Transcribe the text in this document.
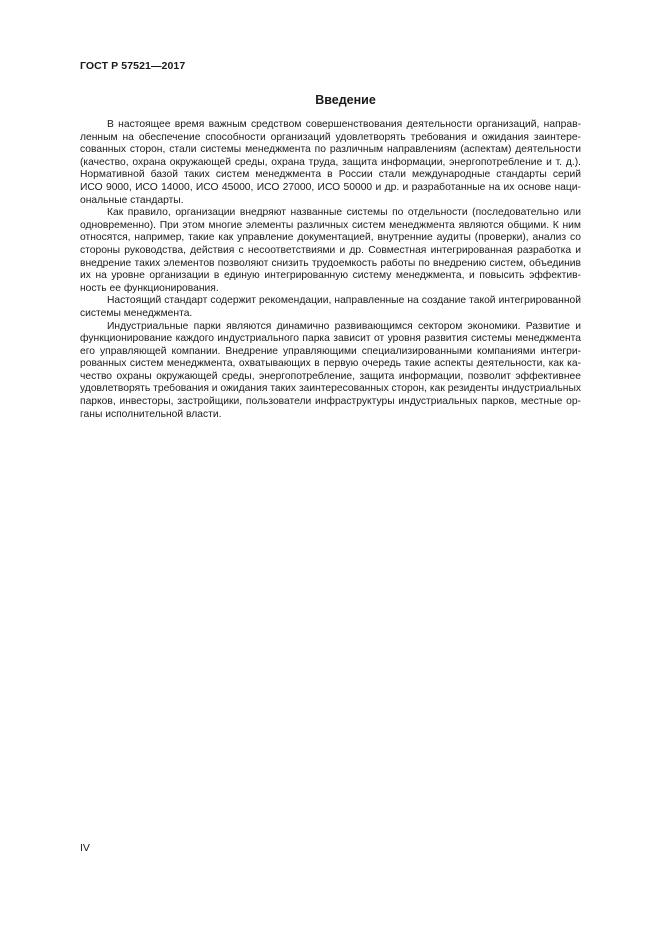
ГОСТ Р 57521—2017
Введение
В настоящее время важным средством совершенствования деятельности организаций, направ-
ленным на обеспечение способности организаций удовлетворять требования и ожидания заинтере-
сованных сторон, стали системы менеджмента по различным направлениям (аспектам) деятельности
(качество, охрана окружающей среды, охрана труда, защита информации, энергопотребление и т. д.).
Нормативной базой таких систем менеджмента в России стали международные стандарты серий
ИСО 9000, ИСО 14000, ИСО 45000, ИСО 27000, ИСО 50000 и др. и разработанные на их основе наци-
ональные стандарты.
Как правило, организации внедряют названные системы по отдельности (последовательно или
одновременно). При этом многие элементы различных систем менеджмента являются общими. К ним
относятся, например, такие как управление документацией, внутренние аудиты (проверки), анализ со
стороны руководства, действия с несоответствиями и др. Совместная интегрированная разработка и
внедрение таких элементов позволяют снизить трудоемкость работы по внедрению систем, объединив
их на уровне организации в единую интегрированную систему менеджмента, и повысить эффектив-
ность ее функционирования.
Настоящий стандарт содержит рекомендации, направленные на создание такой интегрированной
системы менеджмента.
Индустриальные парки являются динамично развивающимся сектором экономики. Развитие и
функционирование каждого индустриального парка зависит от уровня развития системы менеджмента
его управляющей компании. Внедрение управляющими специализированными компаниями интегри-
рованных систем менеджмента, охватывающих в первую очередь такие аспекты деятельности, как ка-
чество охраны окружающей среды, энергопотребление, защита информации, позволит эффективнее
удовлетворять требования и ожидания таких заинтересованных сторон, как резиденты индустриальных
парков, инвесторы, застройщики, пользователи инфраструктуры индустриальных парков, местные ор-
ганы исполнительной власти.
IV
